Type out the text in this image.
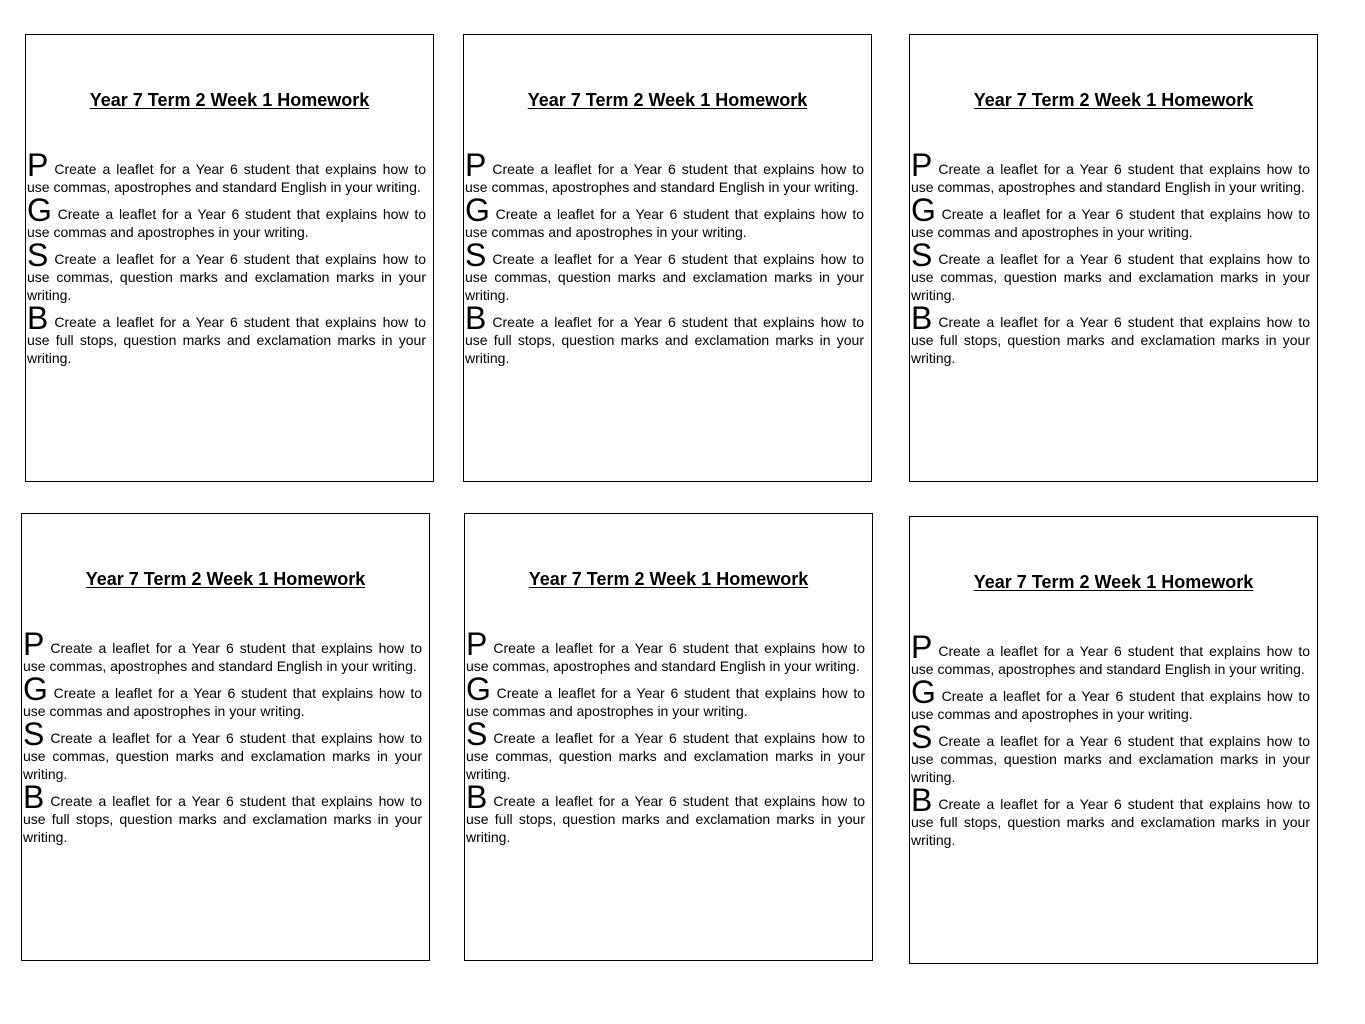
Year 7 Term 2 Week 1 Homework
P Create a leaflet for a Year 6 student that explains how to use commas, apostrophes and standard English in your writing.
G Create a leaflet for a Year 6 student that explains how to use commas and apostrophes in your writing.
S Create a leaflet for a Year 6 student that explains how to use commas, question marks and exclamation marks in your writing.
B Create a leaflet for a Year 6 student that explains how to use full stops, question marks and exclamation marks in your writing.
Year 7 Term 2 Week 1 Homework
P Create a leaflet for a Year 6 student that explains how to use commas, apostrophes and standard English in your writing.
G Create a leaflet for a Year 6 student that explains how to use commas and apostrophes in your writing.
S Create a leaflet for a Year 6 student that explains how to use commas, question marks and exclamation marks in your writing.
B Create a leaflet for a Year 6 student that explains how to use full stops, question marks and exclamation marks in your writing.
Year 7 Term 2 Week 1 Homework
P Create a leaflet for a Year 6 student that explains how to use commas, apostrophes and standard English in your writing.
G Create a leaflet for a Year 6 student that explains how to use commas and apostrophes in your writing.
S Create a leaflet for a Year 6 student that explains how to use commas, question marks and exclamation marks in your writing.
B Create a leaflet for a Year 6 student that explains how to use full stops, question marks and exclamation marks in your writing.
Year 7 Term 2 Week 1 Homework
P Create a leaflet for a Year 6 student that explains how to use commas, apostrophes and standard English in your writing.
G Create a leaflet for a Year 6 student that explains how to use commas and apostrophes in your writing.
S Create a leaflet for a Year 6 student that explains how to use commas, question marks and exclamation marks in your writing.
B Create a leaflet for a Year 6 student that explains how to use full stops, question marks and exclamation marks in your writing.
Year 7 Term 2 Week 1 Homework
P Create a leaflet for a Year 6 student that explains how to use commas, apostrophes and standard English in your writing.
G Create a leaflet for a Year 6 student that explains how to use commas and apostrophes in your writing.
S Create a leaflet for a Year 6 student that explains how to use commas, question marks and exclamation marks in your writing.
B Create a leaflet for a Year 6 student that explains how to use full stops, question marks and exclamation marks in your writing.
Year 7 Term 2 Week 1 Homework
P Create a leaflet for a Year 6 student that explains how to use commas, apostrophes and standard English in your writing.
G Create a leaflet for a Year 6 student that explains how to use commas and apostrophes in your writing.
S Create a leaflet for a Year 6 student that explains how to use commas, question marks and exclamation marks in your writing.
B Create a leaflet for a Year 6 student that explains how to use full stops, question marks and exclamation marks in your writing.
